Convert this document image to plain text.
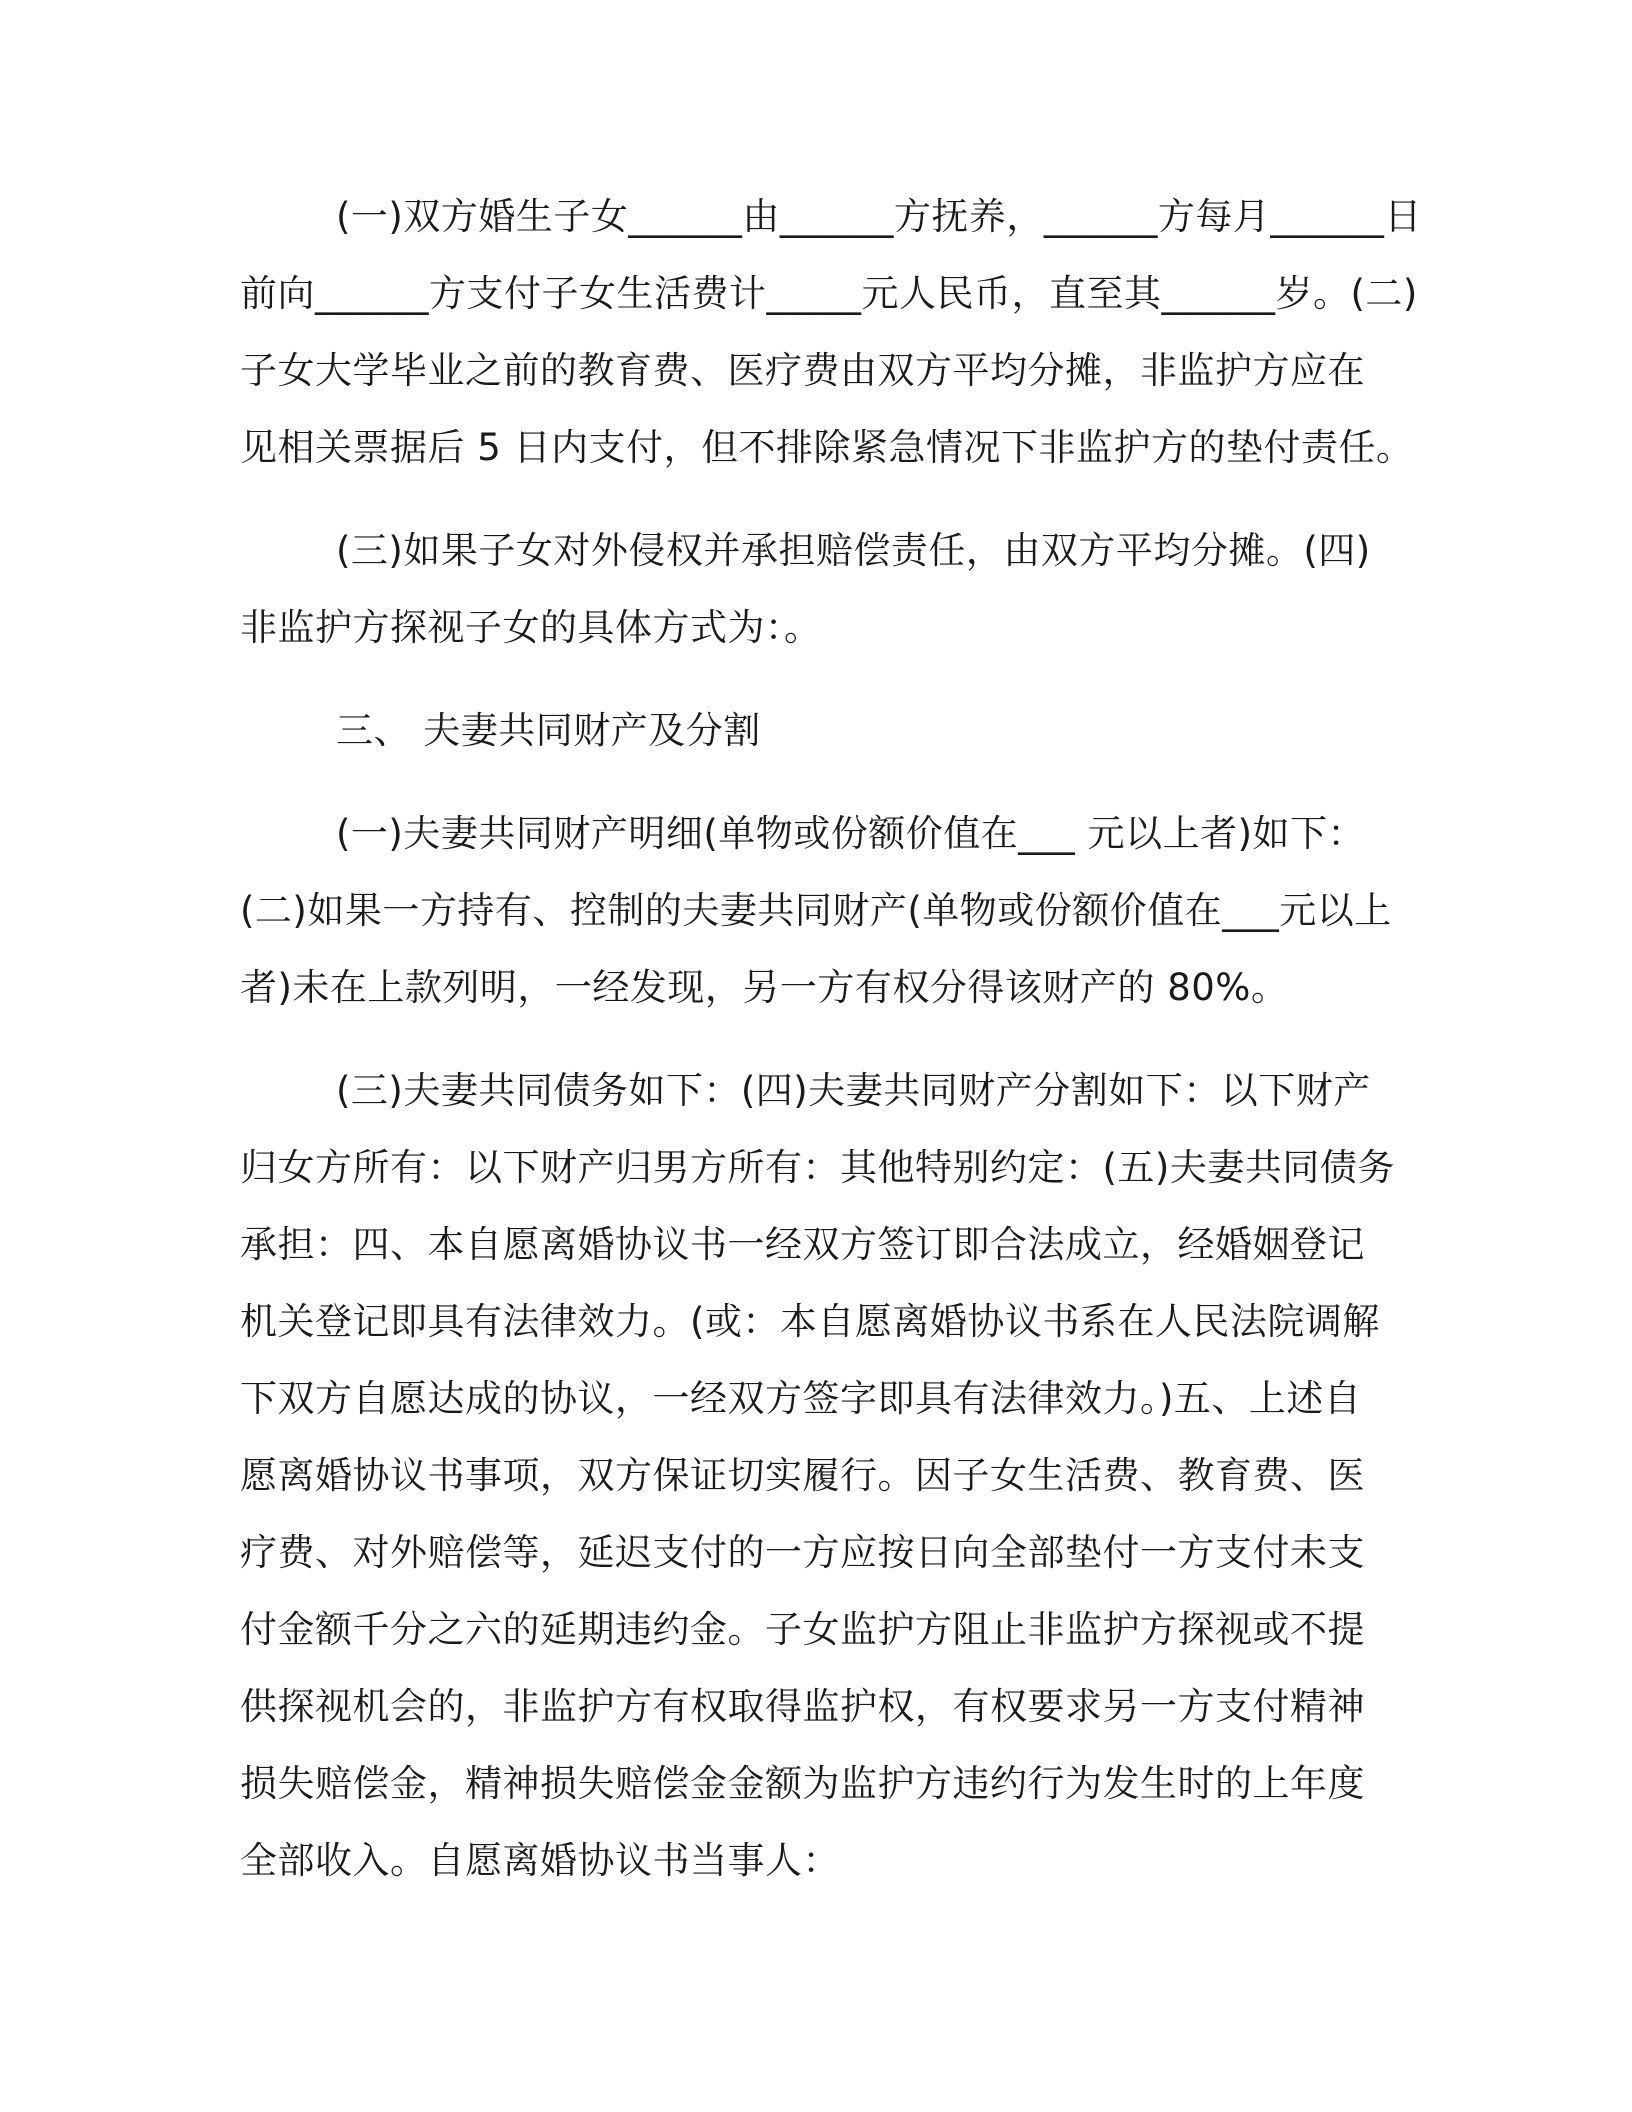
(一)双方婚生子女______由______方抚养，______方每月______日
前向______方支付子女生活费计_____元人民币，直至其______岁。(二)
子女大学毕业之前的教育费、医疗费由双方平均分摊，非监护方应在
见相关票据后 5 日内支付，但不排除紧急情况下非监护方的垫付责任。
(三)如果子女对外侵权并承担赔偿责任，由双方平均分摊。(四)
非监护方探视子女的具体方式为：。
三、 夫妻共同财产及分割
(一)夫妻共同财产明细(单物或份额价值在___ 元以上者)如下：
(二)如果一方持有、控制的夫妻共同财产(单物或份额价值在___元以上
者)未在上款列明，一经发现，另一方有权分得该财产的 80%。
(三)夫妻共同债务如下：(四)夫妻共同财产分割如下：以下财产
归女方所有：以下财产归男方所有：其他特别约定：(五)夫妻共同债务
承担：四、本自愿离婚协议书一经双方签订即合法成立，经婚姻登记
机关登记即具有法律效力。(或：本自愿离婚协议书系在人民法院调解
下双方自愿达成的协议，一经双方签字即具有法律效力。)五、上述自
愿离婚协议书事项，双方保证切实履行。因子女生活费、教育费、医
疗费、对外赔偿等，延迟支付的一方应按日向全部垫付一方支付未支
付金额千分之六的延期违约金。子女监护方阻止非监护方探视或不提
供探视机会的，非监护方有权取得监护权，有权要求另一方支付精神
损失赔偿金，精神损失赔偿金金额为监护方违约行为发生时的上年度
全部收入。自愿离婚协议书当事人：
